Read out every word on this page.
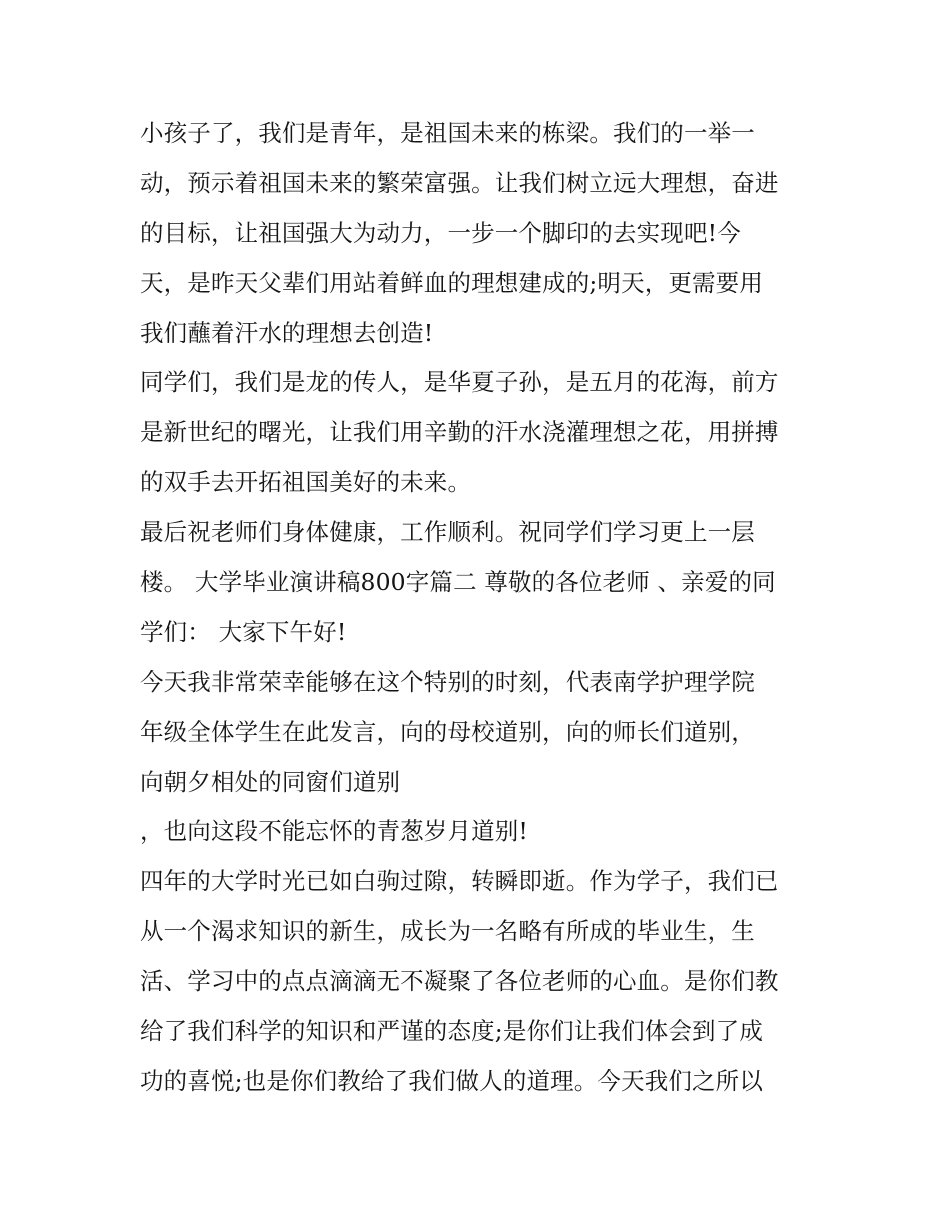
小孩子了，我们是青年，是祖国未来的栋梁。我们的一举一
动，预示着祖国未来的繁荣富强。让我们树立远大理想，奋进
的目标，让祖国强大为动力，一步一个脚印的去实现吧!今
天，是昨天父辈们用站着鲜血的理想建成的;明天，更需要用
我们蘸着汗水的理想去创造!
同学们，我们是龙的传人，是华夏子孙，是五月的花海，前方
是新世纪的曙光，让我们用辛勤的汗水浇灌理想之花，用拼搏
的双手去开拓祖国美好的未来。
最后祝老师们身体健康，工作顺利。祝同学们学习更上一层
楼。 大学毕业演讲稿800字篇二 尊敬的各位老师 、亲爱的同
学们： 大家下午好!
今天我非常荣幸能够在这个特别的时刻，代表南学护理学院
年级全体学生在此发言，向的母校道别，向的师长们道别，
向朝夕相处的同窗们道别
，也向这段不能忘怀的青葱岁月道别!
四年的大学时光已如白驹过隙，转瞬即逝。作为学子，我们已
从一个渴求知识的新生，成长为一名略有所成的毕业生，生
活、学习中的点点滴滴无不凝聚了各位老师的心血。是你们教
给了我们科学的知识和严谨的态度;是你们让我们体会到了成
功的喜悦;也是你们教给了我们做人的道理。今天我们之所以
